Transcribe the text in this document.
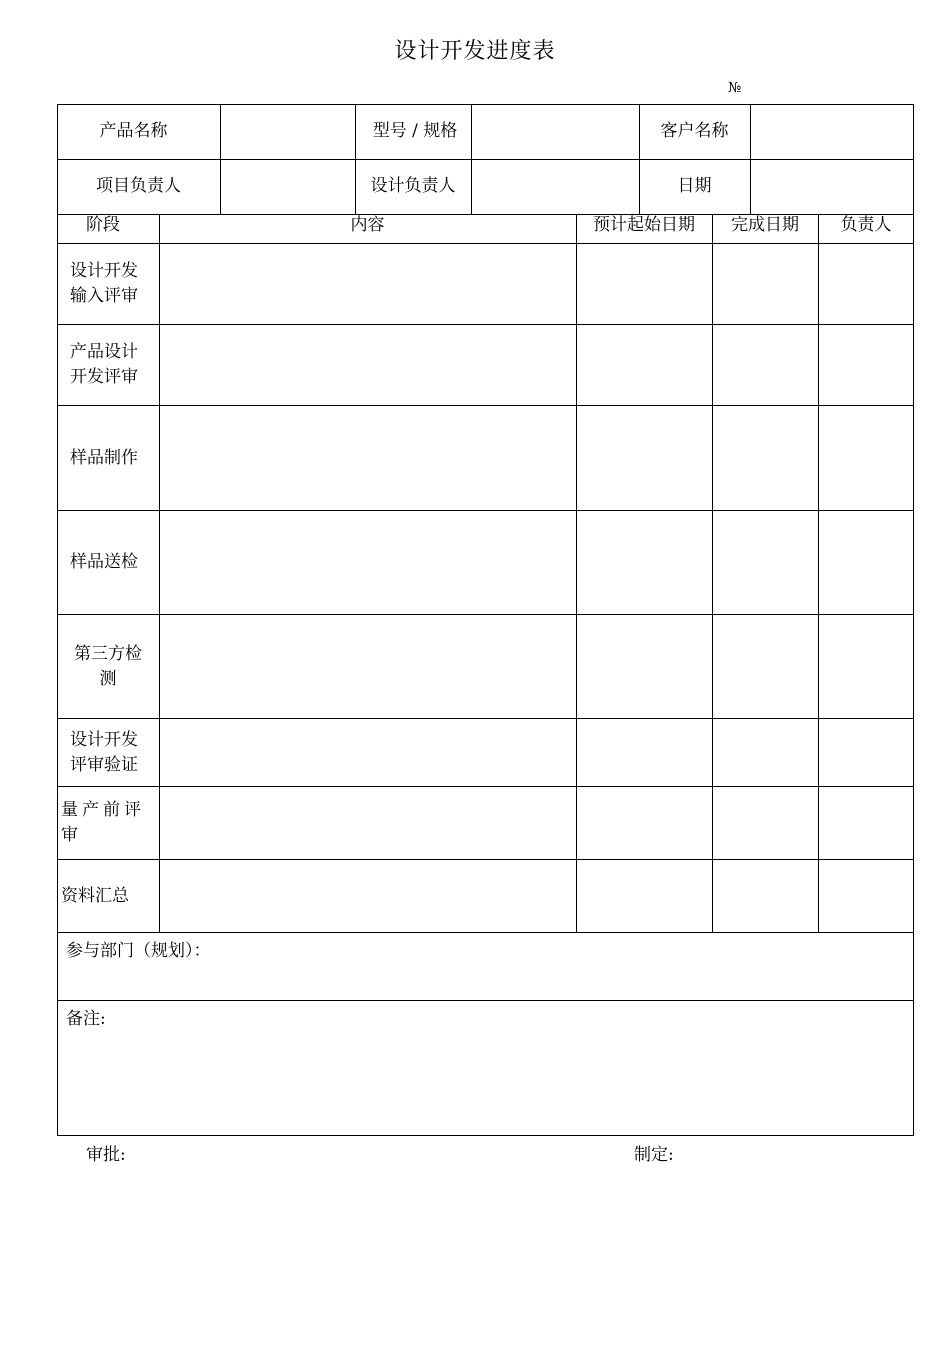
设计开发进度表
№
产品名称	型号 / 规格	客户名称
项目负责人	设计负责人	日期
阶段	内容	预计起始日期	完成日期	负责人
设计开发输入评审
产品设计开发评审
样品制作
样品送检
第三方检测
设计开发评审验证
量产前评审
资料汇总
参与部门（规划）：
备注:
审批:	制定:
